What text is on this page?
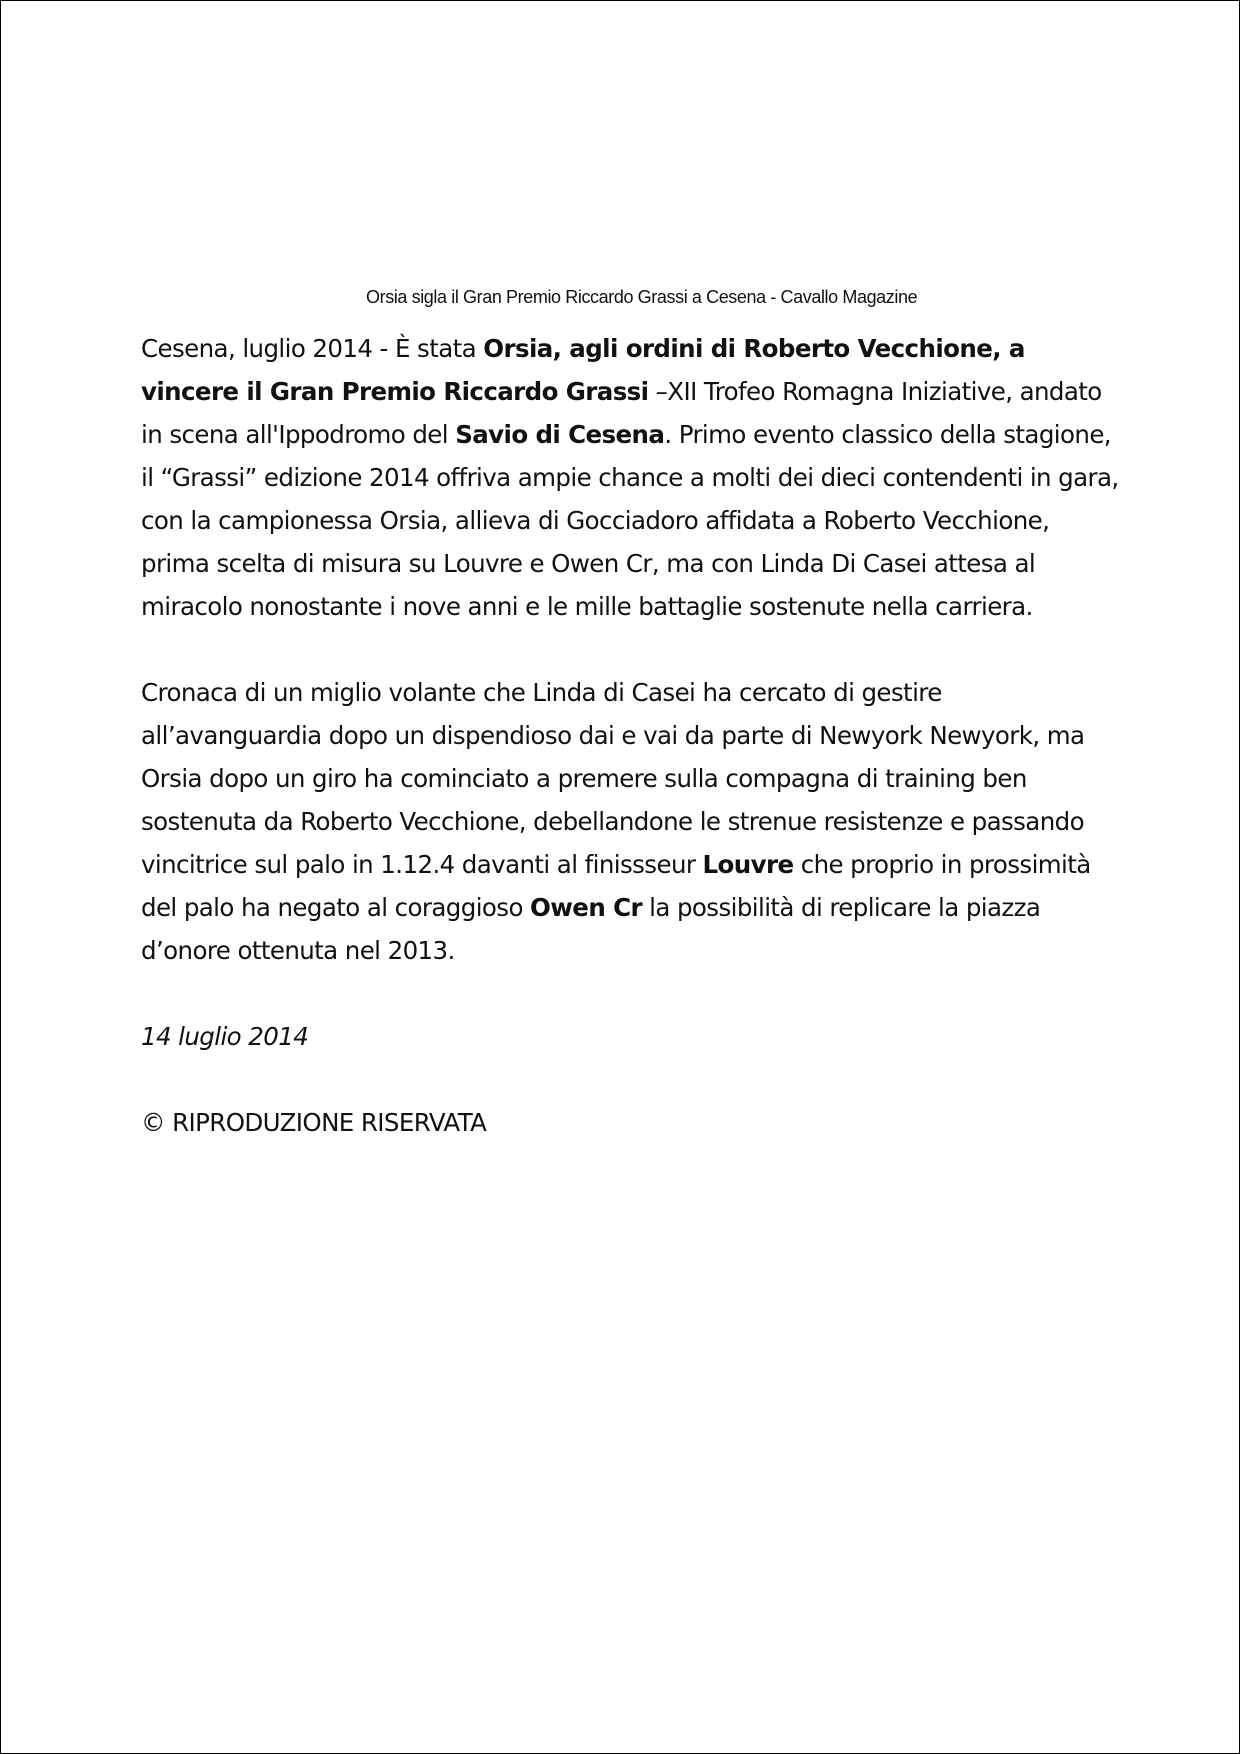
Orsia sigla il Gran Premio Riccardo Grassi a Cesena - Cavallo Magazine

Cesena, luglio 2014 - È stata Orsia, agli ordini di Roberto Vecchione, a vincere il Gran Premio Riccardo Grassi –XII Trofeo Romagna Iniziative, andato in scena all'Ippodromo del Savio di Cesena. Primo evento classico della stagione, il “Grassi” edizione 2014 offriva ampie chance a molti dei dieci contendenti in gara, con la campionessa Orsia, allieva di Gocciadoro affidata a Roberto Vecchione, prima scelta di misura su Louvre e Owen Cr, ma con Linda Di Casei attesa al miracolo nonostante i nove anni e le mille battaglie sostenute nella carriera.

Cronaca di un miglio volante che Linda di Casei ha cercato di gestire all’avanguardia dopo un dispendioso dai e vai da parte di Newyork Newyork, ma Orsia dopo un giro ha cominciato a premere sulla compagna di training ben sostenuta da Roberto Vecchione, debellandone le strenue resistenze e passando vincitrice sul palo in 1.12.4 davanti al finissseur Louvre che proprio in prossimità del palo ha negato al coraggioso Owen Cr la possibilità di replicare la piazza d’onore ottenuta nel 2013.

14 luglio 2014

© RIPRODUZIONE RISERVATA
